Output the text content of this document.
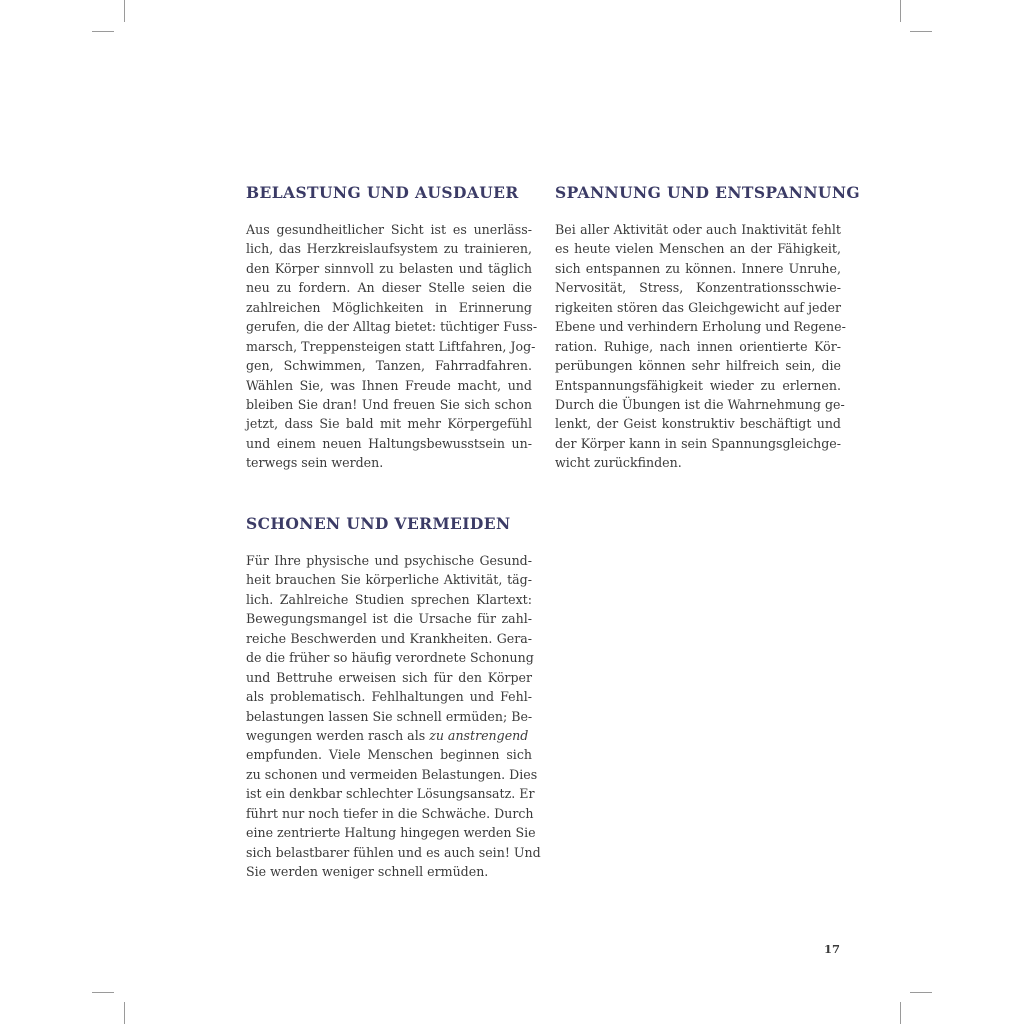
BELASTUNG UND AUSDAUER
Aus gesundheitlicher Sicht ist es unerläss-
lich, das Herzkreislaufsystem zu trainieren,
den Körper sinnvoll zu belasten und täglich
neu zu fordern. An dieser Stelle seien die
zahlreichen Möglichkeiten in Erinnerung
gerufen, die der Alltag bietet: tüchtiger Fuss-
marsch, Treppensteigen statt Liftfahren, Jog-
gen, Schwimmen, Tanzen, Fahrradfahren.
Wählen Sie, was Ihnen Freude macht, und
bleiben Sie dran! Und freuen Sie sich schon
jetzt, dass Sie bald mit mehr Körpergefühl
und einem neuen Haltungsbewusstsein un-
terwegs sein werden.
SPANNUNG UND ENTSPANNUNG
Bei aller Aktivität oder auch Inaktivität fehlt
es heute vielen Menschen an der Fähigkeit,
sich entspannen zu können. Innere Unruhe,
Nervosität, Stress, Konzentrationsschwie-
rigkeiten stören das Gleichgewicht auf jeder
Ebene und verhindern Erholung und Regene-
ration. Ruhige, nach innen orientierte Kör-
perübungen können sehr hilfreich sein, die
Entspannungsfähigkeit wieder zu erlernen.
Durch die Übungen ist die Wahrnehmung ge-
lenkt, der Geist konstruktiv beschäftigt und
der Körper kann in sein Spannungsgleichge-
wicht zurückfinden.
SCHONEN UND VERMEIDEN
Für Ihre physische und psychische Gesund-
heit brauchen Sie körperliche Aktivität, täg-
lich. Zahlreiche Studien sprechen Klartext:
Bewegungsmangel ist die Ursache für zahl-
reiche Beschwerden und Krankheiten. Gera-
de die früher so häufig verordnete Schonung
und Bettruhe erweisen sich für den Körper
als problematisch. Fehlhaltungen und Fehl-
belastungen lassen Sie schnell ermüden; Be-
wegungen werden rasch als zu anstrengend
empfunden. Viele Menschen beginnen sich
zu schonen und vermeiden Belastungen. Dies
ist ein denkbar schlechter Lösungsansatz. Er
führt nur noch tiefer in die Schwäche. Durch
eine zentrierte Haltung hingegen werden Sie
sich belastbarer fühlen und es auch sein! Und
Sie werden weniger schnell ermüden.
17
